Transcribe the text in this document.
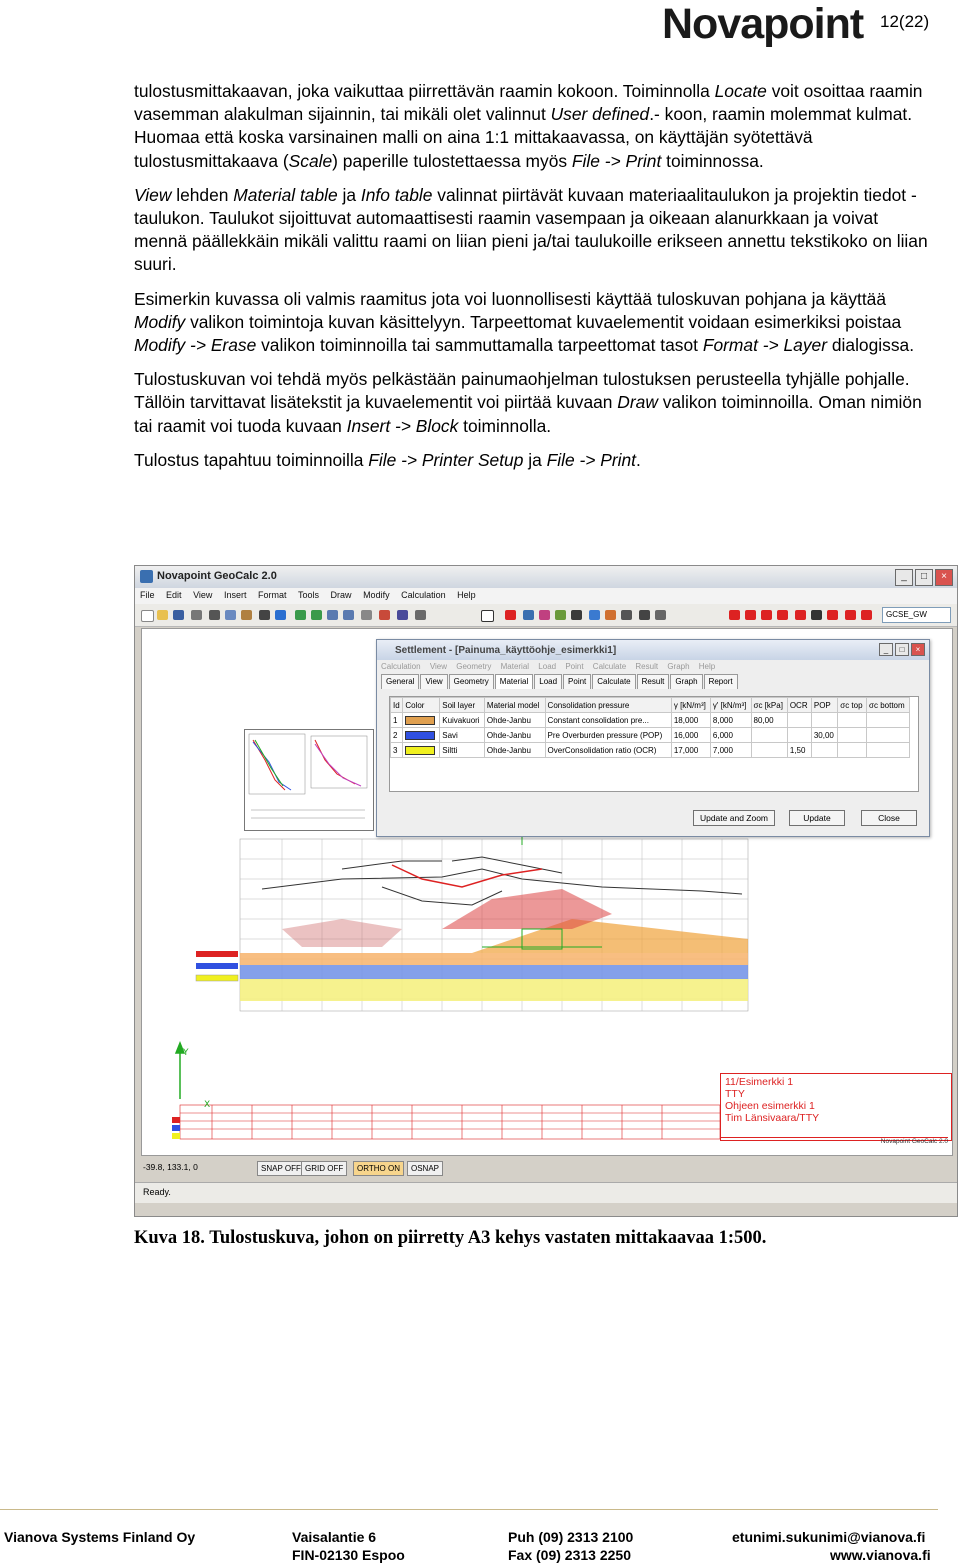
Novapoint 12(22)

tulostusmittakaavan, joka vaikuttaa piirrettävän raamin kokoon. Toiminnolla Locate voit osoittaa raamin vasemman alakulman sijainnin, tai mikäli olet valinnut User defined.- koon, raamin molemmat kulmat. Huomaa että koska varsinainen malli on aina 1:1 mittakaavassa, on käyttäjän syötettävä tulostusmittakaava (Scale) paperille tulostettaessa myös File -> Print toiminnossa.

View lehden Material table ja Info table valinnat piirtävät kuvaan materiaalitaulukon ja projektin tiedot -taulukon. Taulukot sijoittuvat automaattisesti raamin vasempaan ja oikeaan alanurkkaan ja voivat mennä päällekkäin mikäli valittu raami on liian pieni ja/tai taulukoille erikseen annettu tekstikoko on liian suuri.

Esimerkin kuvassa oli valmis raamitus jota voi luonnollisesti käyttää tuloskuvan pohjana ja käyttää Modify valikon toimintoja kuvan käsittelyyn. Tarpeettomat kuvaelementit voidaan esimerkiksi poistaa Modify -> Erase valikon toiminnoilla tai sammuttamalla tarpeettomat tasot Format -> Layer dialogissa.

Tulostuskuvan voi tehdä myös pelkästään painumaohjelman tulostuksen perusteella tyhjälle pohjalle. Tällöin tarvittavat lisätekstit ja kuvaelementit voi piirtää kuvaan Draw valikon toiminnoilla. Oman nimiön tai raamit voi tuoda kuvaan Insert -> Block toiminnolla.

Tulostus tapahtuu toiminnoilla File -> Printer Setup ja File -> Print.

Novapoint GeoCalc 2.0	_	□	×
File Edit View Insert Format Tools Draw Modify Calculation Help
GCSE_GW
Y
X
11/Esimerkki 1
TTY
Ohjeen esimerkki 1
Tim Länsivaara/TTY
Novapoint GeoCalc 2.0
Settlement - [Painuma_käyttöohje_esimerkki1]	_	□	×
Calculation View Geometry Material Load Point Calculate Result Graph Help
General	View	Geometry	Material	Load	Point	Calculate	Result	Graph	Report
Id	Color	Soil layer	Material model	Consolidation pressure	γ [kN/m³]	γ' [kN/m³]	σc [kPa]	OCR	POP	σc top	σc bottom
1		Kuivakuori	Ohde-Janbu	Constant consolidation pre...	18,000	8,000	80,00				
2		Savi	Ohde-Janbu	Pre Overburden pressure (POP)	16,000	6,000			30,00		
3		Siltti	Ohde-Janbu	OverConsolidation ratio (OCR)	17,000	7,000		1,50			
Update and Zoom	Update	Close
-39.8, 133.1, 0	SNAP OFF GRID OFF	ORTHO ON	OSNAP
Ready.
Kuva 18. Tulostuskuva, johon on piirretty A3 kehys vastaten mittakaavaa 1:500.
Vianova Systems Finland Oy	Vaisalantie 6
FIN-02130 Espoo
Puh (09) 2313 2100
Fax (09) 2313 2250
etunimi.sukunimi@vianova.fi
www.vianova.fi
